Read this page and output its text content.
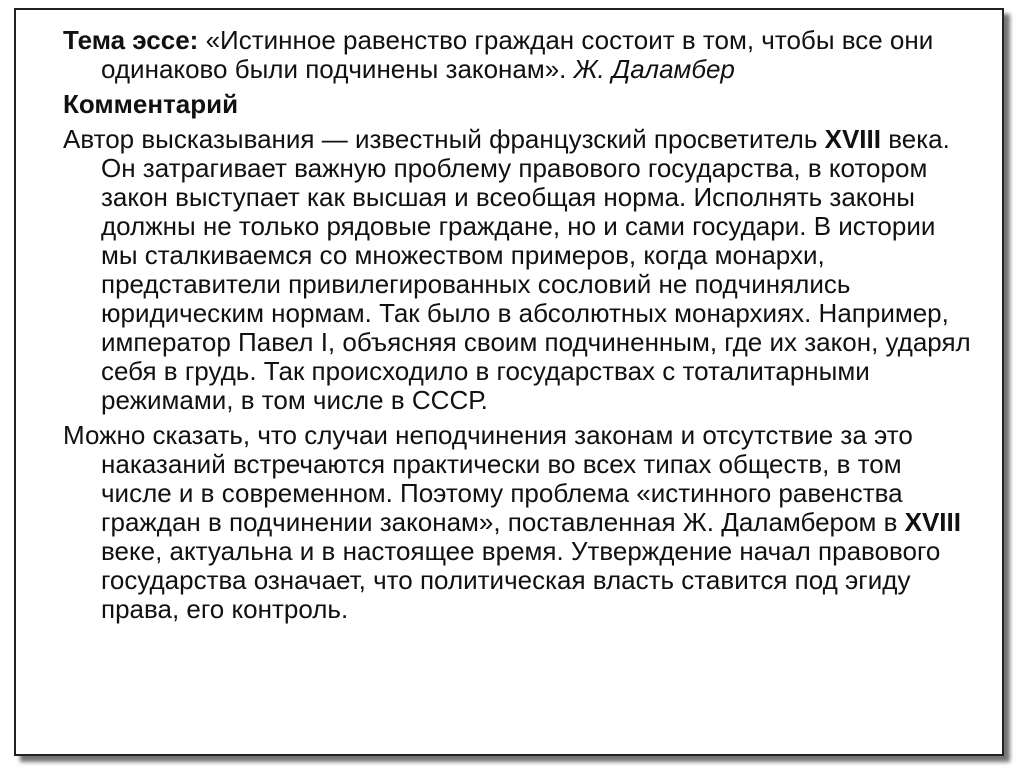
Тема эссе: «Истинное равенство граждан состоит в том, чтобы все они одинаково были подчинены законам». Ж. Даламбер

Комментарий

Автор высказывания — известный французский просветитель XVIII века. Он затрагивает важную проблему правового государства, в котором закон выступает как высшая и всеобщая норма. Исполнять законы должны не только рядовые граждане, но и сами государи. В истории мы сталкиваемся со множеством примеров, когда монархи, представители привилегированных сословий не подчинялись юридическим нормам. Так было в абсолютных монархиях. Например, император Павел I, объясняя своим подчиненным, где их закон, ударял себя в грудь. Так происходило в государствах с тоталитарными режимами, в том числе в СССР.

Можно сказать, что случаи неподчинения законам и отсутствие за это наказаний встречаются практически во всех типах обществ, в том числе и в современном. Поэтому проблема «истинного равенства граждан в подчинении законам», поставленная Ж. Даламбером в XVIII веке, актуальна и в настоящее время. Утверждение начал правового государства означает, что политическая власть ставится под эгиду права, его контроль.
